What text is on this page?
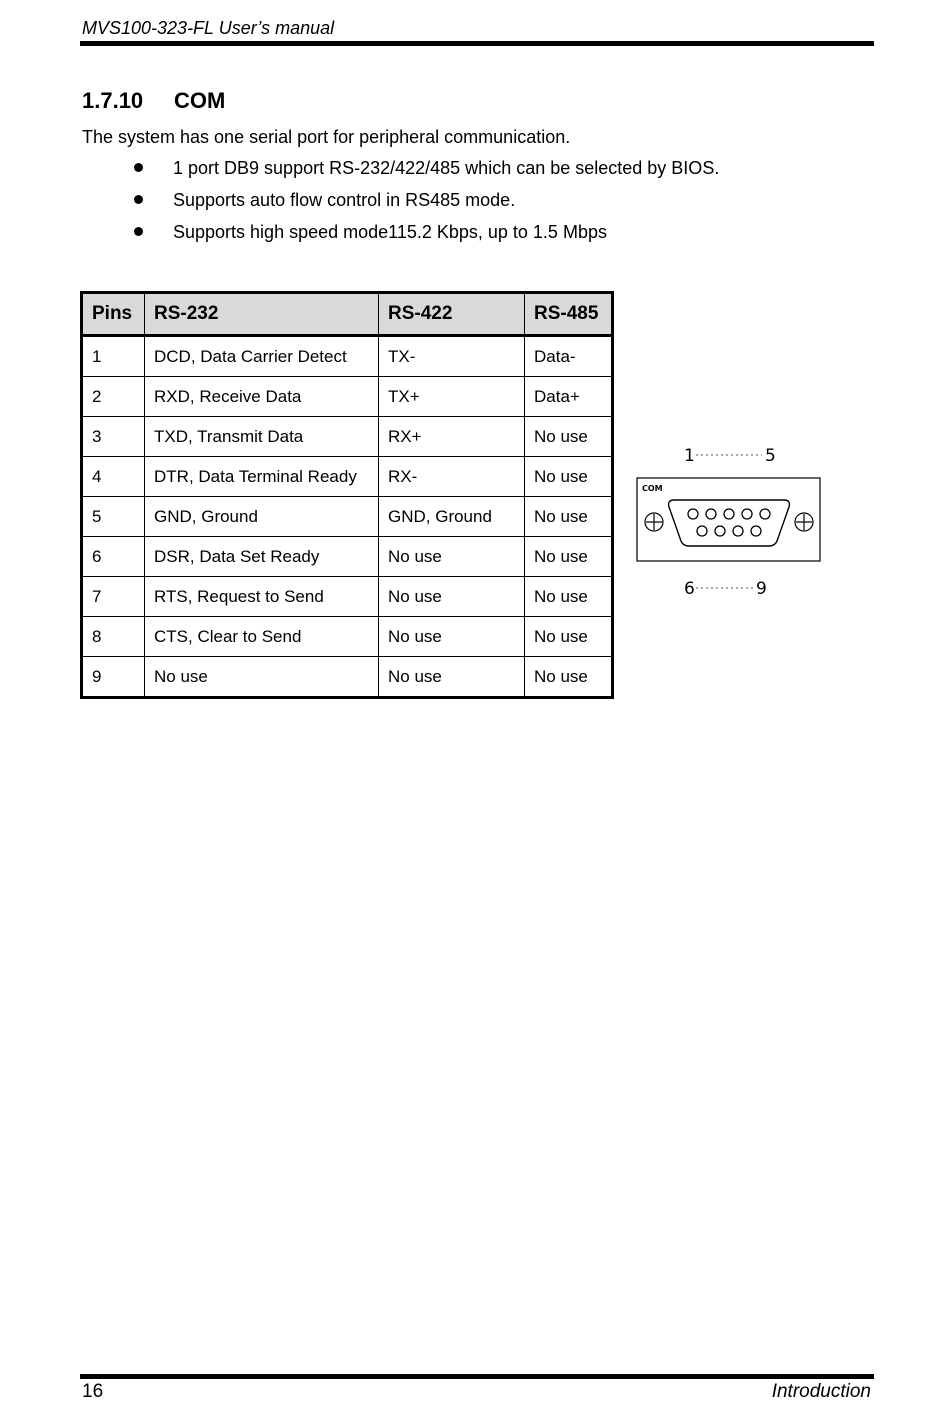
MVS100-323-FL User’s manual
1.7.10 COM
The system has one serial port for peripheral communication.
1 port DB9 support RS-232/422/485 which can be selected by BIOS.
Supports auto flow control in RS485 mode.
Supports high speed mode115.2 Kbps, up to 1.5 Mbps
Pins	RS-232	RS-422	RS-485
1	DCD, Data Carrier Detect	TX-	Data-
2	RXD, Receive Data	TX+	Data+
3	TXD, Transmit Data	RX+	No use
4	DTR, Data Terminal Ready	RX-	No use
5	GND, Ground	GND, Ground	No use
6	DSR, Data Set Ready	No use	No use
7	RTS, Request to Send	No use	No use
8	CTS, Clear to Send	No use	No use
9	No use	No use	No use
1	5
COM
6	9
16	Introduction
